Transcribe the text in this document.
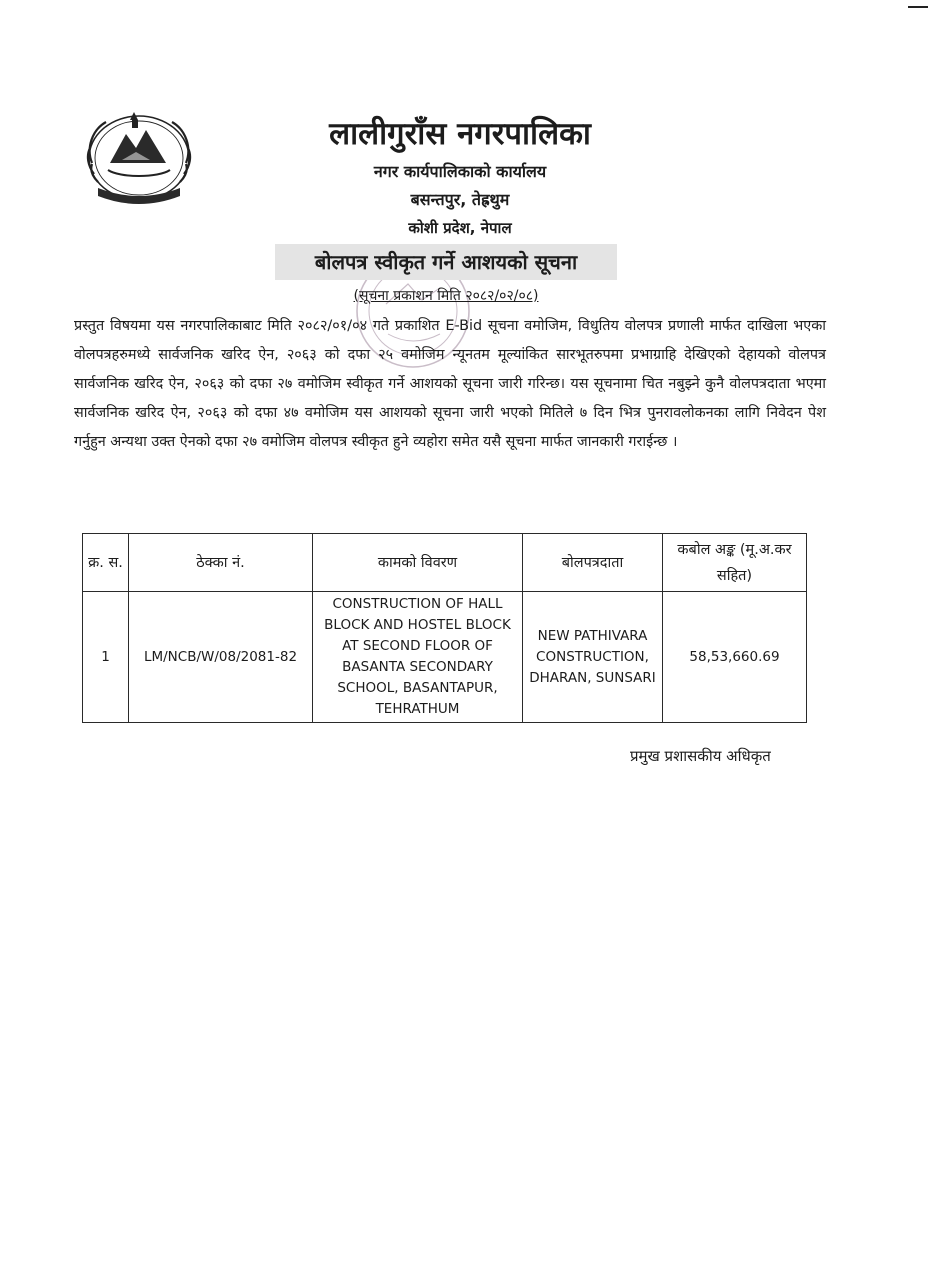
लालीगुराँस नगरपालिका
नगर कार्यपालिकाको कार्यालय
बसन्तपुर, तेह्रथुम
कोशी प्रदेश, नेपाल
बोलपत्र स्वीकृत गर्ने आशयको सूचना
(सूचना प्रकाशन मिति २०८२/०२/०८)
प्रस्तुत विषयमा यस नगरपालिकाबाट मिति २०८२/०१/०४ गते प्रकाशित E-Bid सूचना वमोजिम, विधुतिय वोलपत्र प्रणाली मार्फत दाखिला भएका वोलपत्रहरुमध्ये सार्वजनिक खरिद ऐन, २०६३ को दफा २५ वमोजिम न्यूनतम मूल्यांकित सारभूतरुपमा प्रभाग्राहि देखिएको देहायको वोलपत्र सार्वजनिक खरिद ऐन, २०६३ को दफा २७ वमोजिम स्वीकृत गर्ने आशयको सूचना जारी गरिन्छ। यस सूचनामा चित नबुझ्ने कुनै वोलपत्रदाता भएमा सार्वजनिक खरिद ऐन, २०६३ को दफा ४७ वमोजिम यस आशयको सूचना जारी भएको मितिले ७ दिन भित्र पुनरावलोकनका लागि निवेदन पेश गर्नुहुन अन्यथा उक्त ऐनको दफा २७ वमोजिम वोलपत्र स्वीकृत हुने व्यहोरा समेत यसै सूचना मार्फत जानकारी गराईन्छ ।
क्र. स.	ठेक्का नं.	कामको विवरण	बोलपत्रदाता	कबोल अङ्क (मू.अ.कर सहित)
1	LM/NCB/W/08/2081-82	CONSTRUCTION OF HALL BLOCK AND HOSTEL BLOCK AT SECOND FLOOR OF BASANTA SECONDARY SCHOOL, BASANTAPUR, TEHRATHUM	NEW PATHIVARA CONSTRUCTION, DHARAN, SUNSARI	58,53,660.69
प्रमुख प्रशासकीय अधिकृत
